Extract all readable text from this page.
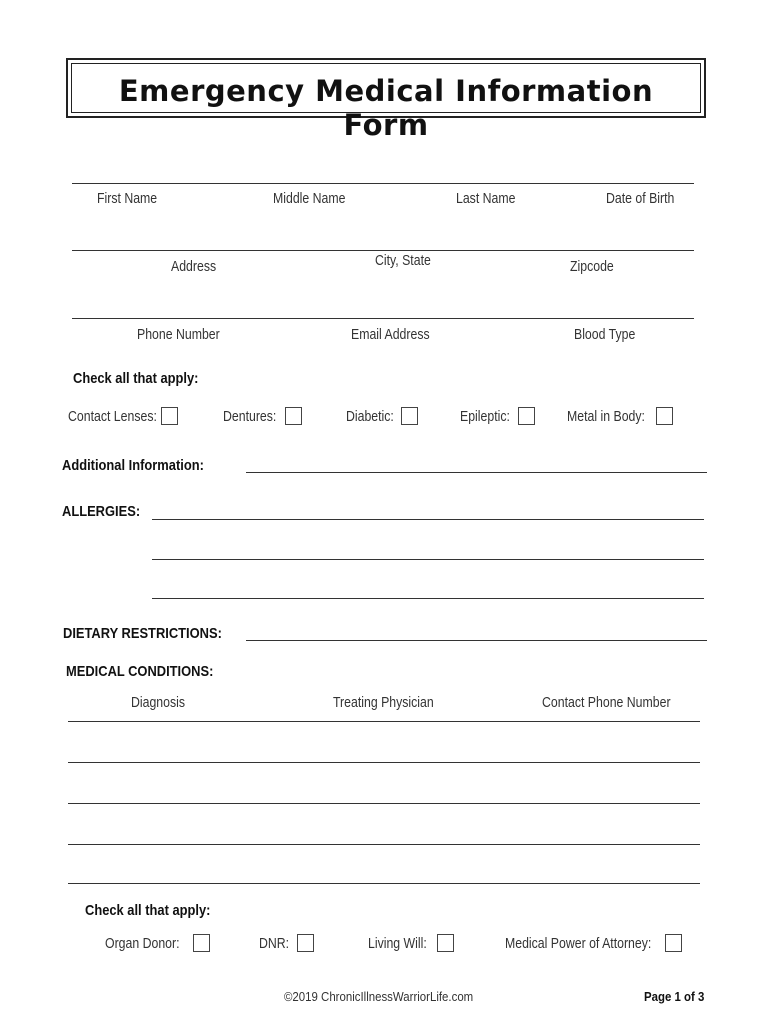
Emergency Medical Information Form
First Name	Middle Name	Last Name	Date of Birth
Address	City, State	Zipcode
Phone Number	Email Address	Blood Type
Check all that apply:
Contact Lenses:	Dentures:	Diabetic:	Epileptic:	Metal in Body:
Additional Information:
ALLERGIES:
DIETARY RESTRICTIONS:
MEDICAL CONDITIONS:
Diagnosis	Treating Physician	Contact Phone Number
Check all that apply:
Organ Donor:	DNR:	Living Will:	Medical Power of Attorney:
©2019 ChronicIllnessWarriorLife.com	Page 1 of 3
